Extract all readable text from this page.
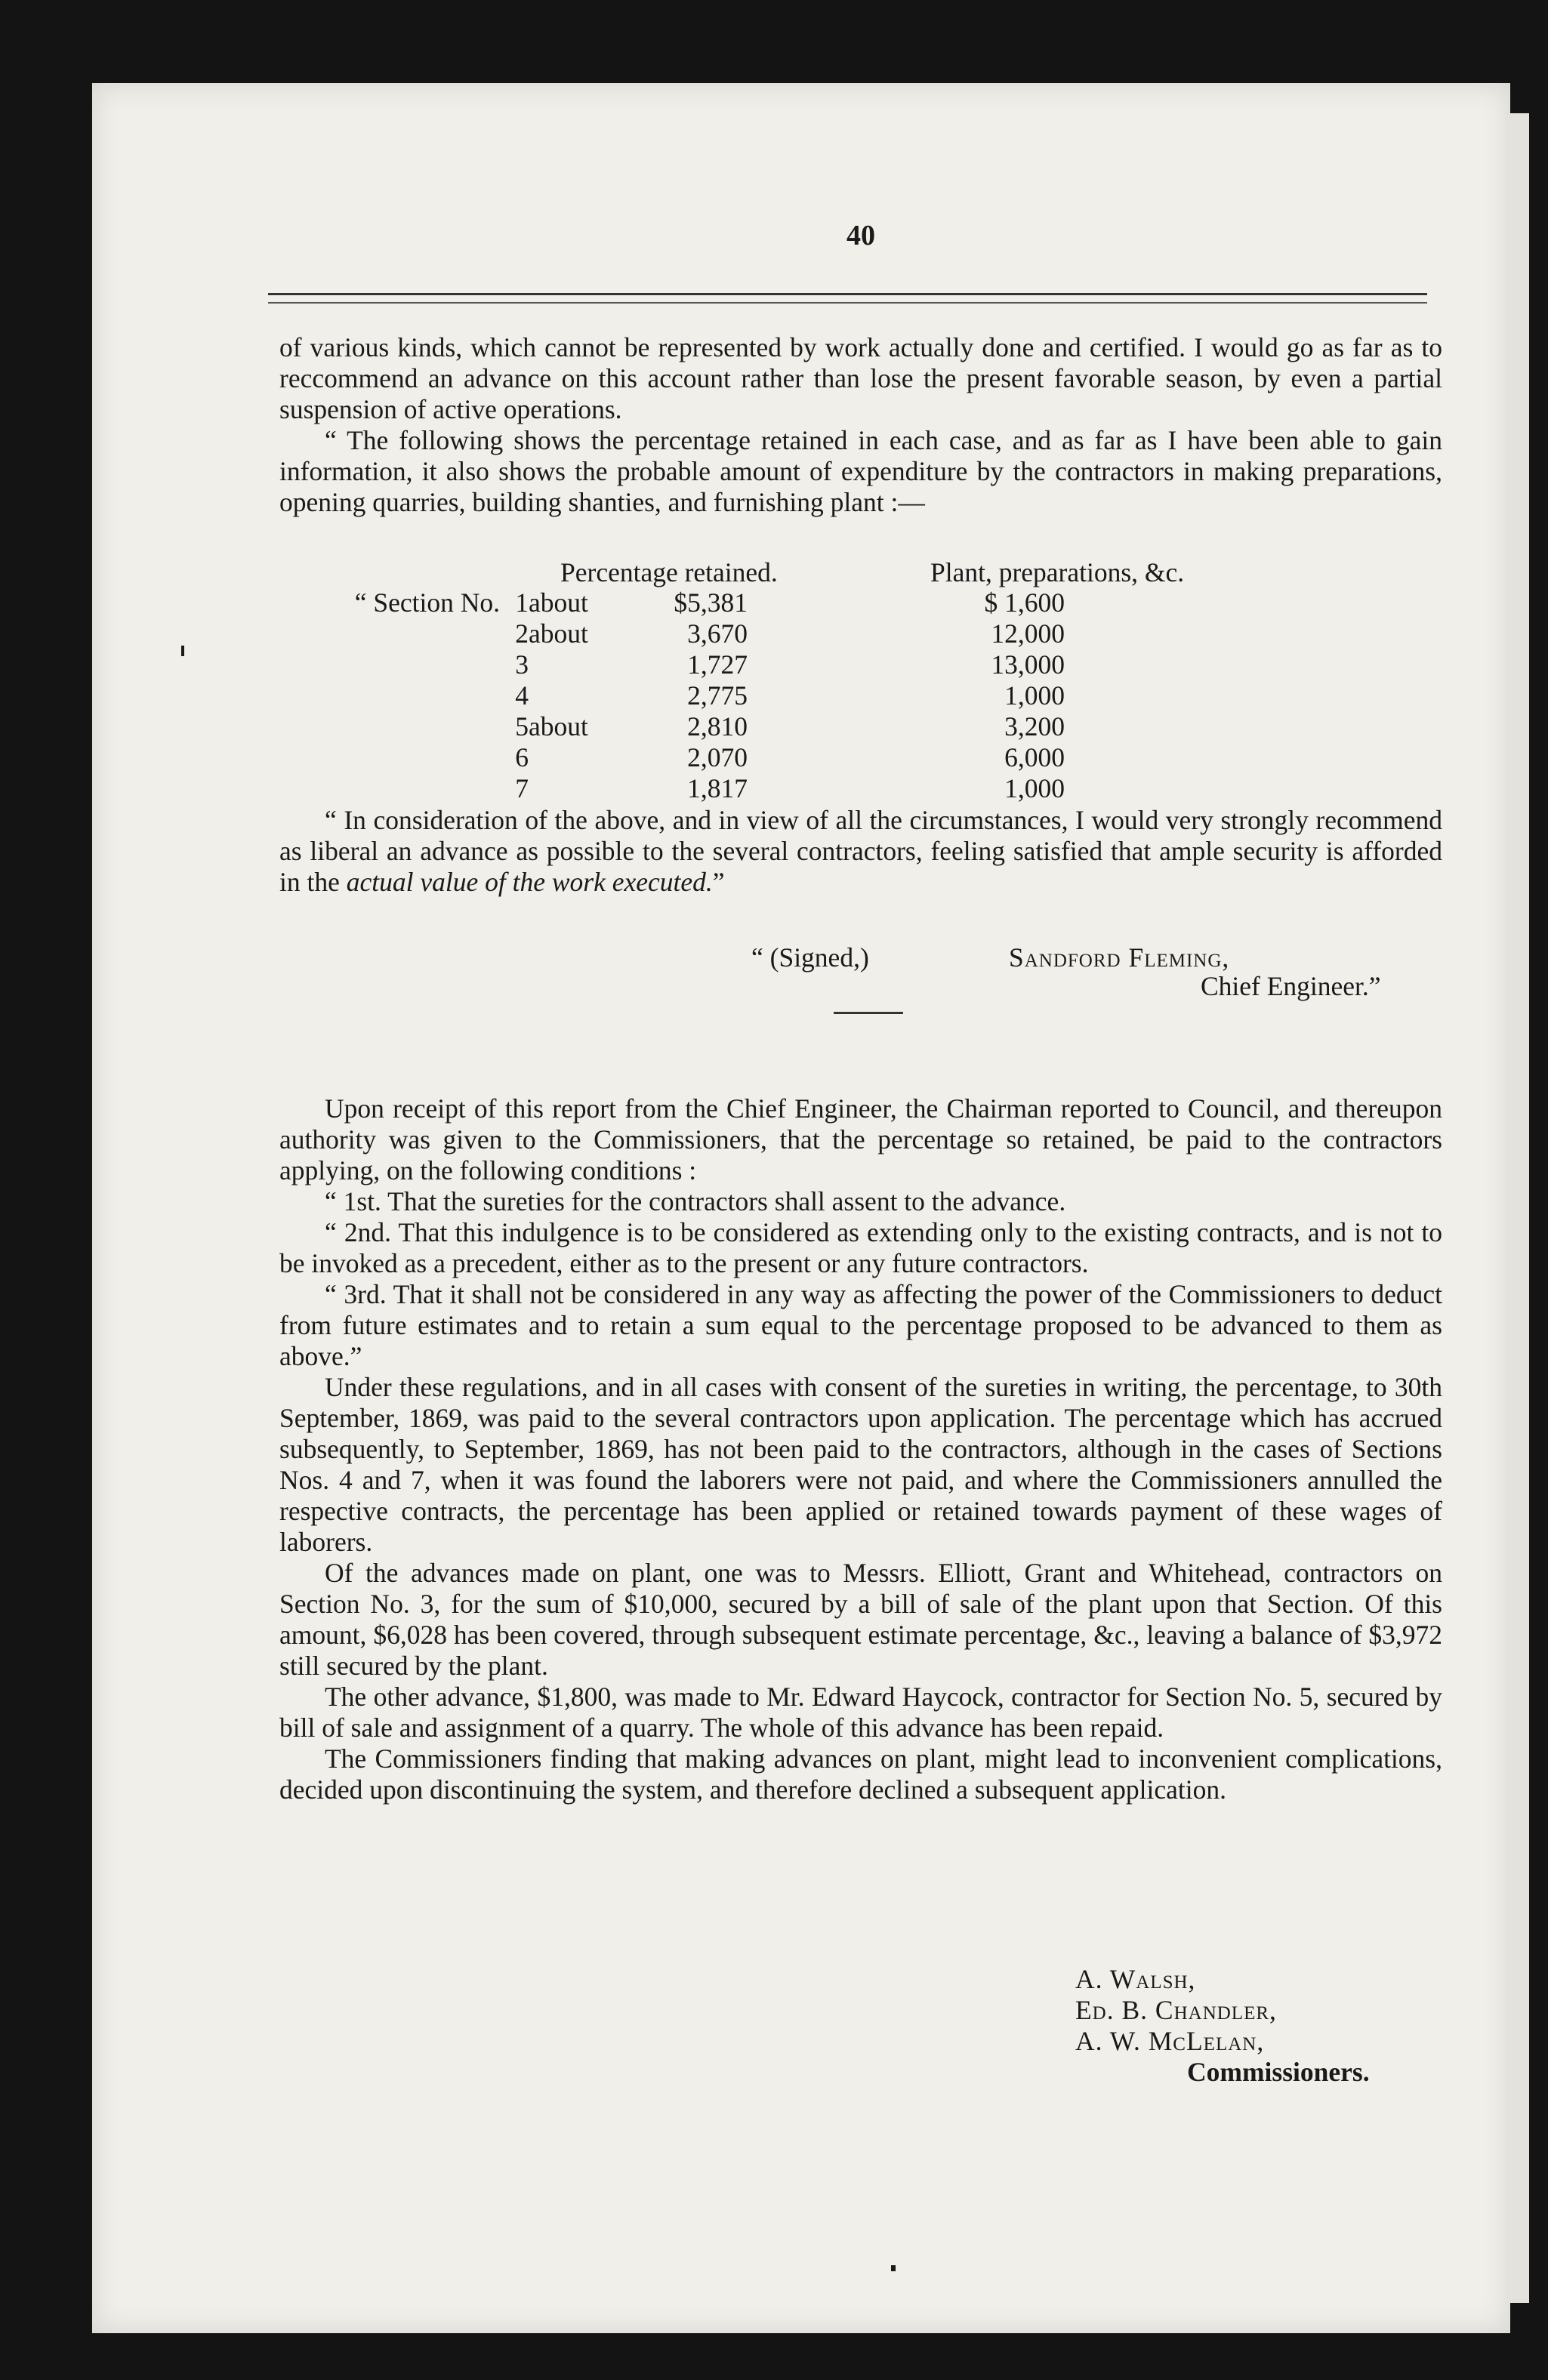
40

of various kinds, which cannot be represented by work actually done and certified. I would go as far as to reccommend an advance on this account rather than lose the present favorable season, by even a partial suspension of active operations.

“ The following shows the percentage retained in each case, and as far as I have been able to gain information, it also shows the probable amount of expenditure by the contractors in making preparations, opening quarries, building shanties, and furnishing plant :—

Percentage retained.	Plant, preparations, &c.
“ Section No.	1	about	$5,381	$ 1,600
	2	about	3,670	12,000
	3		1,727	13,000
	4		2,775	1,000
	5	about	2,810	3,200
	6		2,070	6,000
	7		1,817	1,000

“ In consideration of the above, and in view of all the circumstances, I would very strongly recommend as liberal an advance as possible to the several contractors, feeling satisfied that ample security is afforded in the actual value of the work executed.”

“ (Signed,)	Sandford Fleming,
Chief Engineer.”

Upon receipt of this report from the Chief Engineer, the Chairman reported to Council, and thereupon authority was given to the Commissioners, that the percentage so retained, be paid to the contractors applying, on the following conditions :

“ 1st. That the sureties for the contractors shall assent to the advance.

“ 2nd. That this indulgence is to be considered as extending only to the existing contracts, and is not to be invoked as a precedent, either as to the present or any future contractors.

“ 3rd. That it shall not be considered in any way as affecting the power of the Commissioners to deduct from future estimates and to retain a sum equal to the percentage proposed to be advanced to them as above.”

Under these regulations, and in all cases with consent of the sureties in writing, the percentage, to 30th September, 1869, was paid to the several contractors upon application. The percentage which has accrued subsequently, to September, 1869, has not been paid to the contractors, although in the cases of Sections Nos. 4 and 7, when it was found the laborers were not paid, and where the Commissioners annulled the respective contracts, the percentage has been applied or retained towards payment of these wages of laborers.

Of the advances made on plant, one was to Messrs. Elliott, Grant and Whitehead, contractors on Section No. 3, for the sum of $10,000, secured by a bill of sale of the plant upon that Section. Of this amount, $6,028 has been covered, through subsequent estimate percentage, &c., leaving a balance of $3,972 still secured by the plant.

The other advance, $1,800, was made to Mr. Edward Haycock, contractor for Section No. 5, secured by bill of sale and assignment of a quarry. The whole of this advance has been repaid.

The Commissioners finding that making advances on plant, might lead to inconvenient complications, decided upon discontinuing the system, and therefore declined a subsequent application.

A. Walsh,
Ed. B. Chandler,
A. W. McLelan,
Commissioners.
